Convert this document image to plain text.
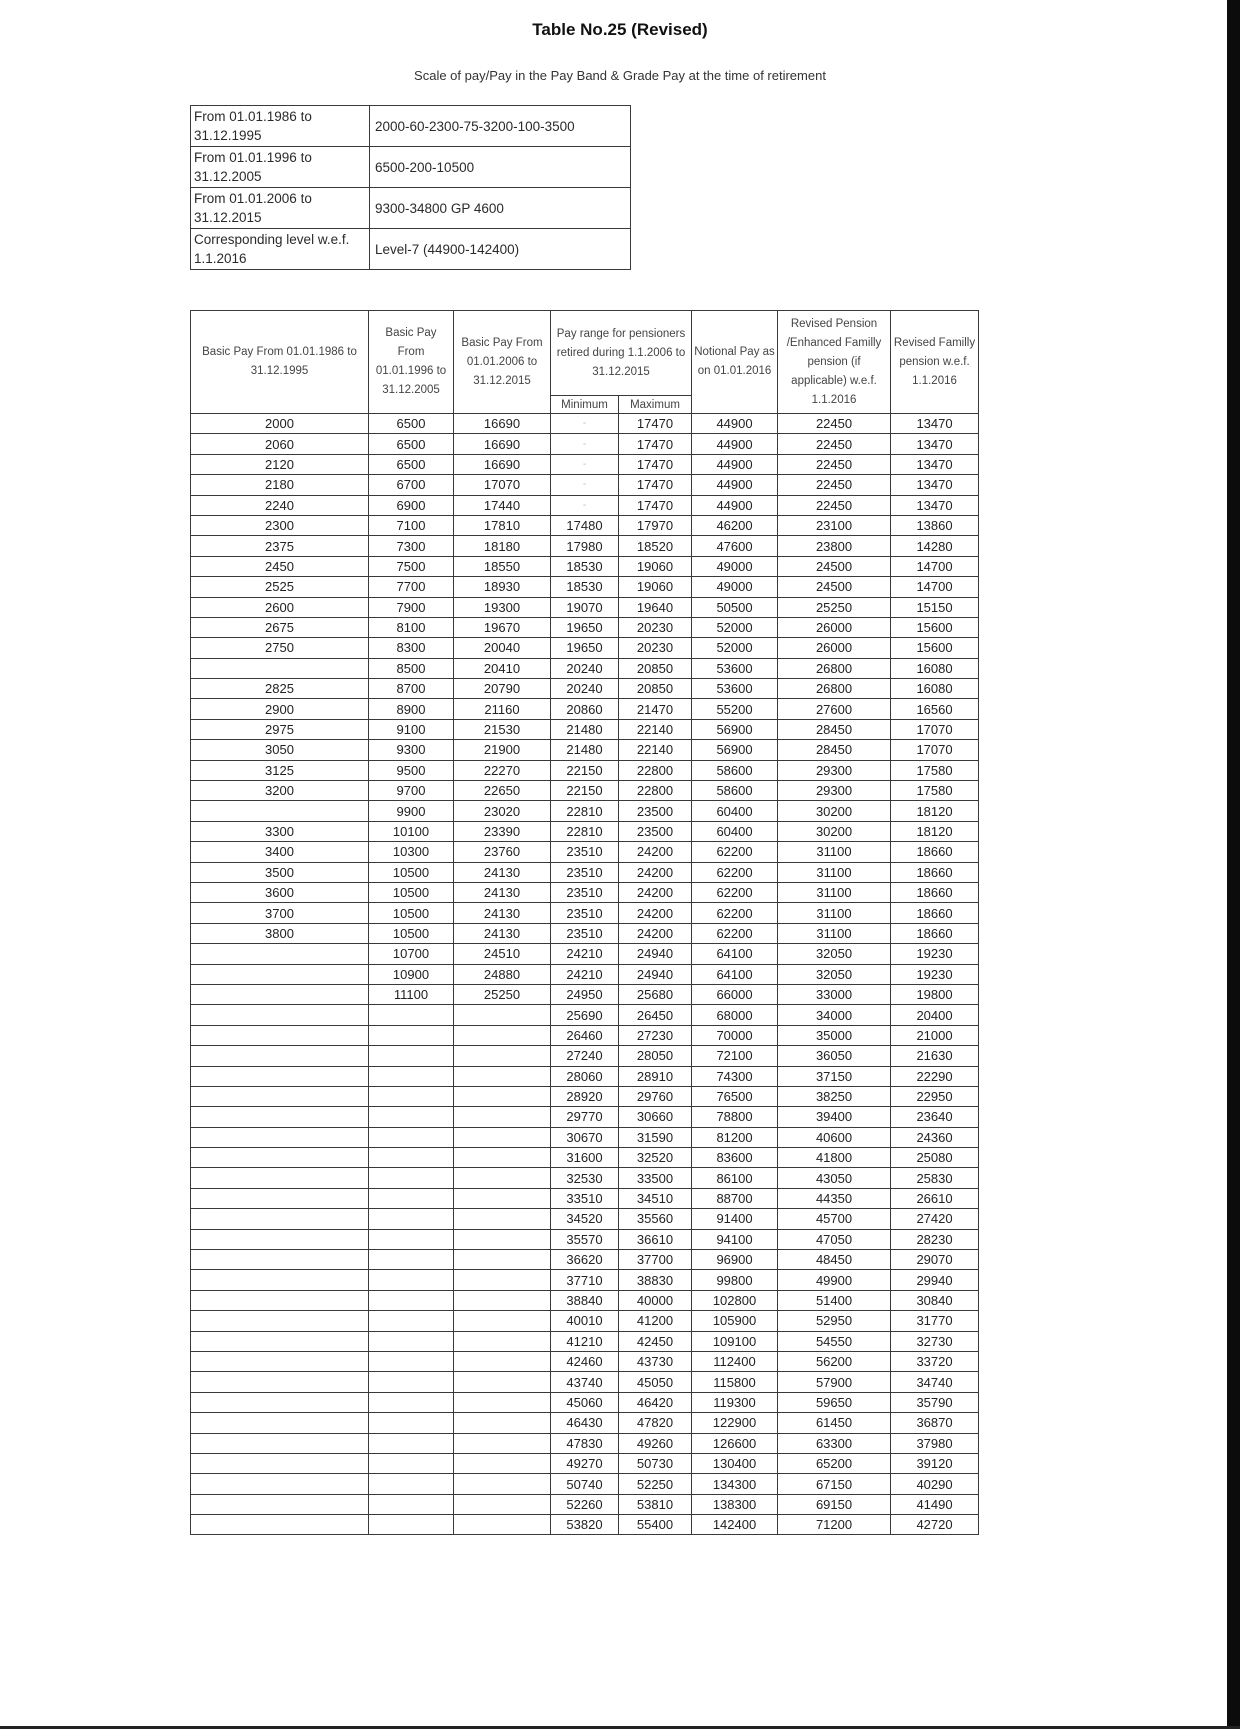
Table No.25 (Revised)
Scale of pay/Pay in the Pay Band & Grade Pay at the time of retirement
From 01.01.1986 to 31.12.1995	2000-60-2300-75-3200-100-3500
From 01.01.1996 to 31.12.2005	6500-200-10500
From 01.01.2006 to 31.12.2015	9300-34800 GP 4600
Corresponding level w.e.f. 1.1.2016	Level-7 (44900-142400)
Basic Pay From 01.01.1986 to 31.12.1995	Basic Pay From 01.01.1996 to 31.12.2005	Basic Pay From 01.01.2006 to 31.12.2015	Pay range for pensioners retired during 1.1.2006 to 31.12.2015		Notional Pay as on 01.01.2016	Revised Pension /Enhanced Familly pension (if applicable) w.e.f. 1.1.2016	Revised Familly pension w.e.f. 1.1.2016
			Minimum	Maximum			
2000	6500	16690	-	17470	44900	22450	13470
2060	6500	16690	-	17470	44900	22450	13470
2120	6500	16690	-	17470	44900	22450	13470
2180	6700	17070	-	17470	44900	22450	13470
2240	6900	17440	-	17470	44900	22450	13470
2300	7100	17810	17480	17970	46200	23100	13860
2375	7300	18180	17980	18520	47600	23800	14280
2450	7500	18550	18530	19060	49000	24500	14700
2525	7700	18930	18530	19060	49000	24500	14700
2600	7900	19300	19070	19640	50500	25250	15150
2675	8100	19670	19650	20230	52000	26000	15600
2750	8300	20040	19650	20230	52000	26000	15600
	8500	20410	20240	20850	53600	26800	16080
2825	8700	20790	20240	20850	53600	26800	16080
2900	8900	21160	20860	21470	55200	27600	16560
2975	9100	21530	21480	22140	56900	28450	17070
3050	9300	21900	21480	22140	56900	28450	17070
3125	9500	22270	22150	22800	58600	29300	17580
3200	9700	22650	22150	22800	58600	29300	17580
	9900	23020	22810	23500	60400	30200	18120
3300	10100	23390	22810	23500	60400	30200	18120
3400	10300	23760	23510	24200	62200	31100	18660
3500	10500	24130	23510	24200	62200	31100	18660
3600	10500	24130	23510	24200	62200	31100	18660
3700	10500	24130	23510	24200	62200	31100	18660
3800	10500	24130	23510	24200	62200	31100	18660
	10700	24510	24210	24940	64100	32050	19230
	10900	24880	24210	24940	64100	32050	19230
	11100	25250	24950	25680	66000	33000	19800
			25690	26450	68000	34000	20400
			26460	27230	70000	35000	21000
			27240	28050	72100	36050	21630
			28060	28910	74300	37150	22290
			28920	29760	76500	38250	22950
			29770	30660	78800	39400	23640
			30670	31590	81200	40600	24360
			31600	32520	83600	41800	25080
			32530	33500	86100	43050	25830
			33510	34510	88700	44350	26610
			34520	35560	91400	45700	27420
			35570	36610	94100	47050	28230
			36620	37700	96900	48450	29070
			37710	38830	99800	49900	29940
			38840	40000	102800	51400	30840
			40010	41200	105900	52950	31770
			41210	42450	109100	54550	32730
			42460	43730	112400	56200	33720
			43740	45050	115800	57900	34740
			45060	46420	119300	59650	35790
			46430	47820	122900	61450	36870
			47830	49260	126600	63300	37980
			49270	50730	130400	65200	39120
			50740	52250	134300	67150	40290
			52260	53810	138300	69150	41490
			53820	55400	142400	71200	42720
